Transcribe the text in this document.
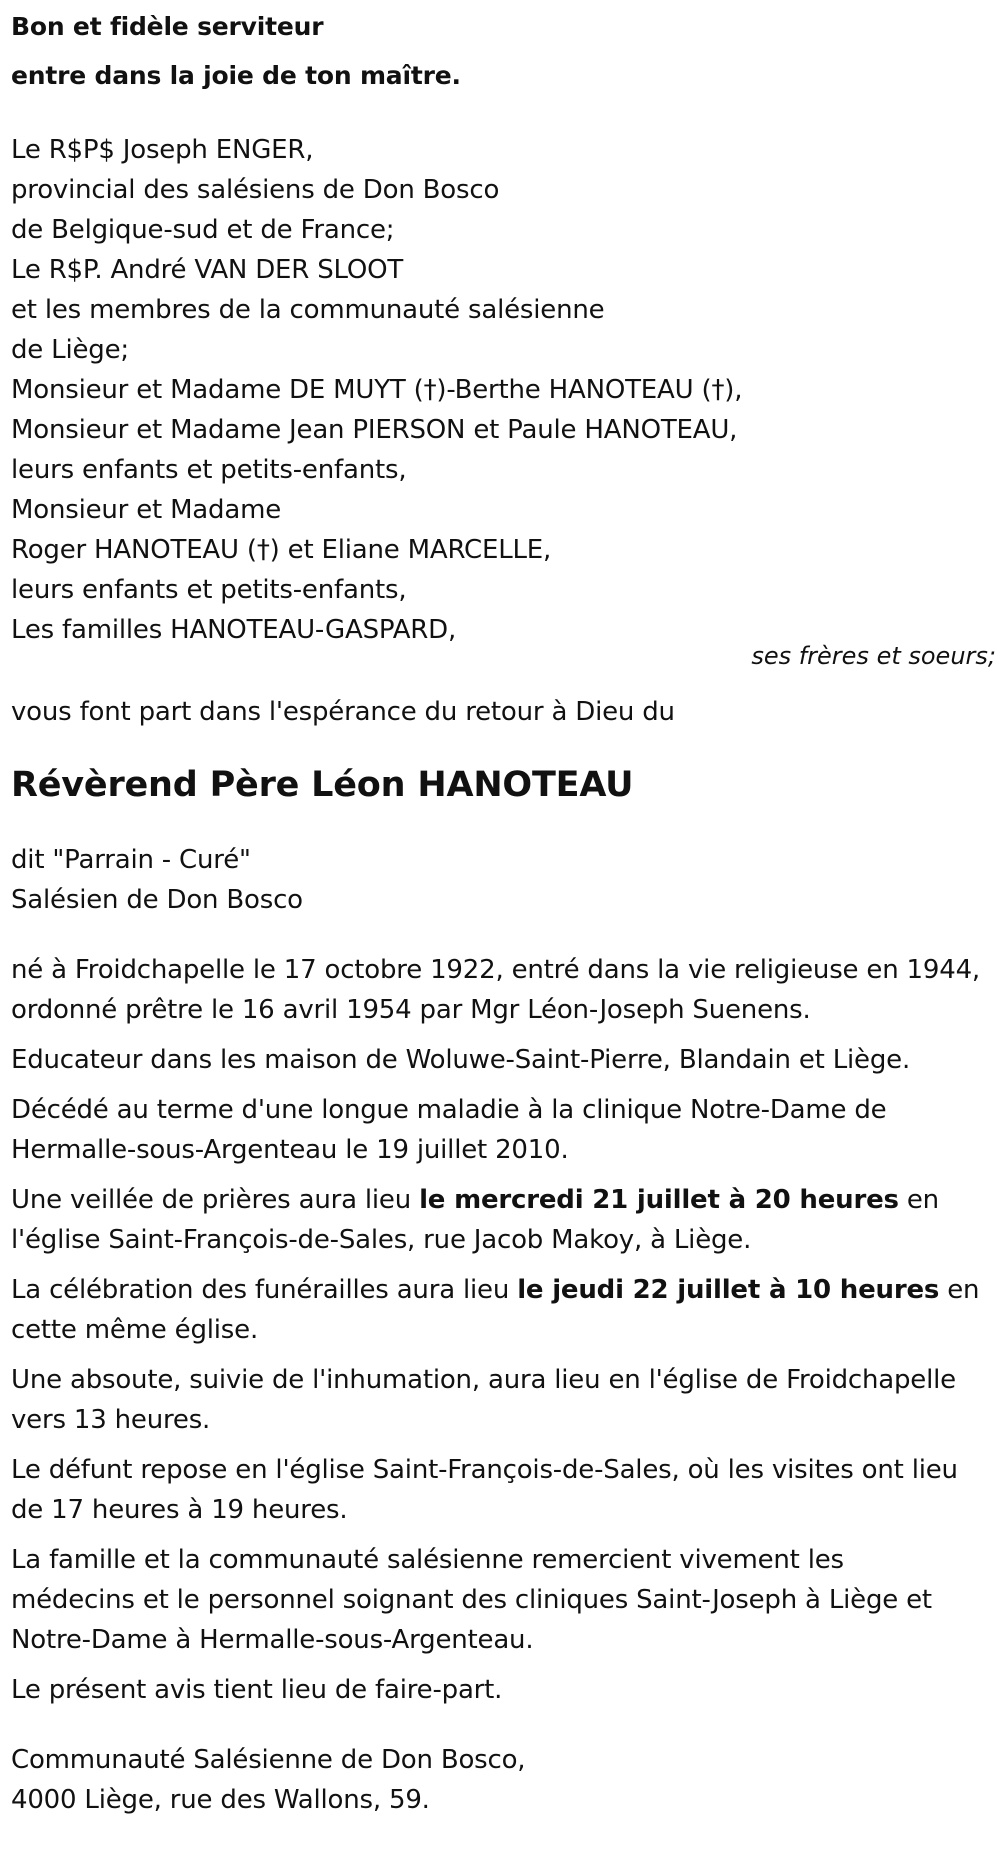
Bon et fidèle serviteur
entre dans la joie de ton maître.
Le R$P$ Joseph ENGER,
provincial des salésiens de Don Bosco
de Belgique-sud et de France;
Le R$P. André VAN DER SLOOT
et les membres de la communauté salésienne
de Liège;
Monsieur et Madame DE MUYT (†)-Berthe HANOTEAU (†),
Monsieur et Madame Jean PIERSON et Paule HANOTEAU,
leurs enfants et petits-enfants,
Monsieur et Madame
Roger HANOTEAU (†) et Eliane MARCELLE,
leurs enfants et petits-enfants,
Les familles HANOTEAU-GASPARD,
ses frères et soeurs;
vous font part dans l'espérance du retour à Dieu du
Révèrend Père Léon HANOTEAU
dit "Parrain - Curé"
Salésien de Don Bosco
né à Froidchapelle le 17 octobre 1922, entré dans la vie religieuse en 1944,
ordonné prêtre le 16 avril 1954 par Mgr Léon-Joseph Suenens.
Educateur dans les maison de Woluwe-Saint-Pierre, Blandain et Liège.
Décédé au terme d'une longue maladie à la clinique Notre-Dame de
Hermalle-sous-Argenteau le 19 juillet 2010.
Une veillée de prières aura lieu le mercredi 21 juillet à 20 heures en
l'église Saint-François-de-Sales, rue Jacob Makoy, à Liège.
La célébration des funérailles aura lieu le jeudi 22 juillet à 10 heures en
cette même église.
Une absoute, suivie de l'inhumation, aura lieu en l'église de Froidchapelle
vers 13 heures.
Le défunt repose en l'église Saint-François-de-Sales, où les visites ont lieu
de 17 heures à 19 heures.
La famille et la communauté salésienne remercient vivement les
médecins et le personnel soignant des cliniques Saint-Joseph à Liège et
Notre-Dame à Hermalle-sous-Argenteau.
Le présent avis tient lieu de faire-part.
Communauté Salésienne de Don Bosco,
4000 Liège, rue des Wallons, 59.
